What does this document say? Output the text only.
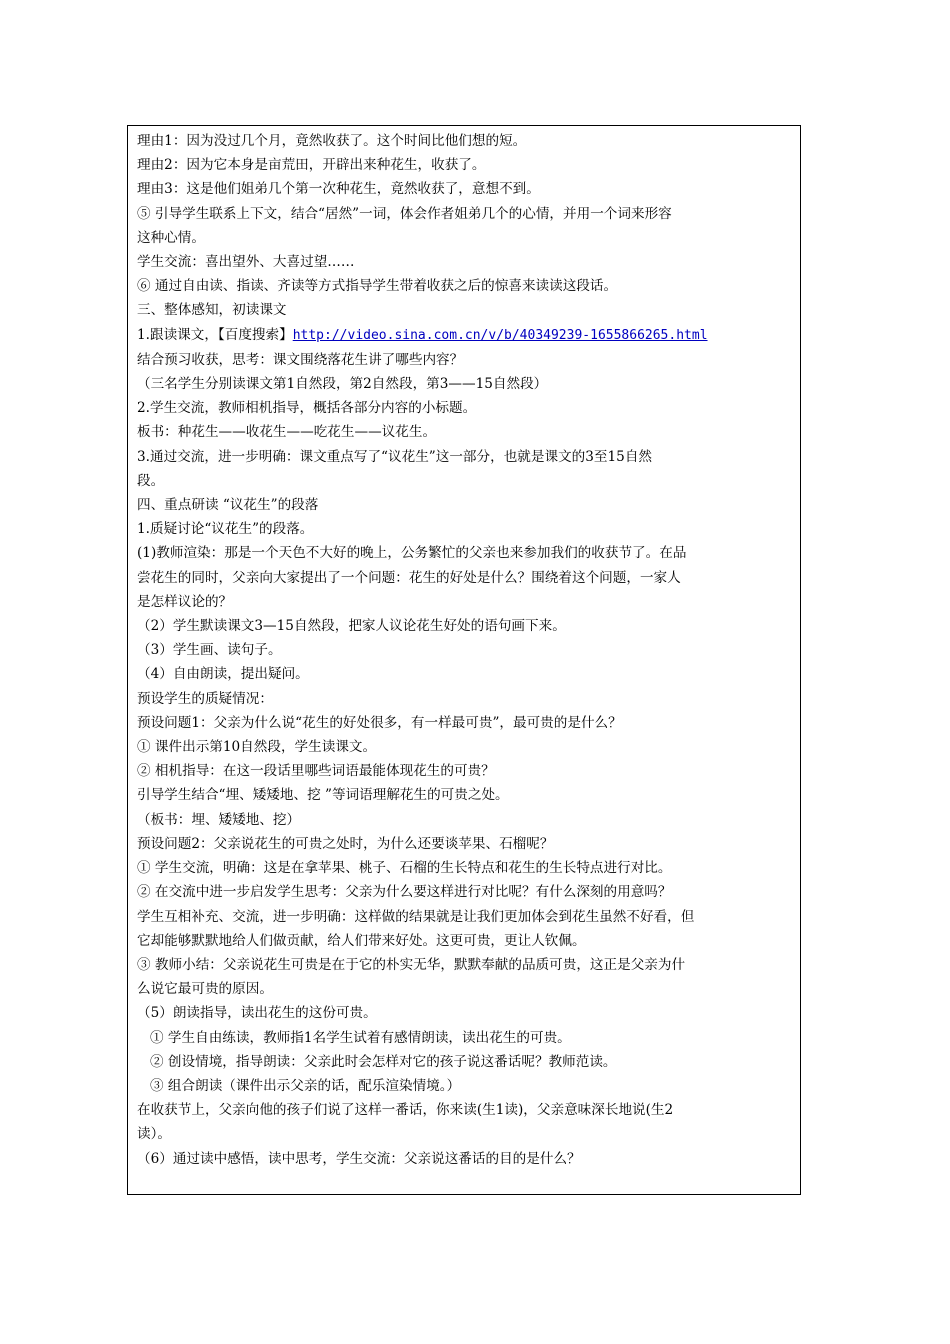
理由1：因为没过几个月，竟然收获了。这个时间比他们想的短。
理由2：因为它本身是亩荒田，开辟出来种花生，收获了。
理由3：这是他们姐弟几个第一次种花生，竟然收获了，意想不到。
⑤ 引导学生联系上下文，结合“居然”一词，体会作者姐弟几个的心情，并用一个词来形容
这种心情。
学生交流：喜出望外、大喜过望……
⑥ 通过自由读、指读、齐读等方式指导学生带着收获之后的惊喜来读读这段话。
三、整体感知，初读课文
1.跟读课文，【百度搜索】http://video.sina.com.cn/v/b/40349239-1655866265.html
结合预习收获，思考：课文围绕落花生讲了哪些内容？
（三名学生分别读课文第1自然段，第2自然段，第3——15自然段）
2.学生交流，教师相机指导，概括各部分内容的小标题。
板书：种花生——收花生——吃花生——议花生。
3.通过交流，进一步明确：课文重点写了“议花生”这一部分，也就是课文的3至15自然
段。
四、重点研读 “议花生”的段落
1.质疑讨论“议花生”的段落。
(1)教师渲染：那是一个天色不大好的晚上，公务繁忙的父亲也来参加我们的收获节了。在品
尝花生的同时，父亲向大家提出了一个问题：花生的好处是什么？围绕着这个问题，一家人
是怎样议论的？
（2）学生默读课文3—15自然段，把家人议论花生好处的语句画下来。
（3）学生画、读句子。
（4）自由朗读，提出疑问。
预设学生的质疑情况：
预设问题1：父亲为什么说“花生的好处很多，有一样最可贵”，最可贵的是什么？
① 课件出示第10自然段，学生读课文。
② 相机指导：在这一段话里哪些词语最能体现花生的可贵？
引导学生结合“埋、矮矮地、挖 ”等词语理解花生的可贵之处。
（板书：埋、矮矮地、挖）
预设问题2：父亲说花生的可贵之处时，为什么还要谈苹果、石榴呢？
① 学生交流，明确：这是在拿苹果、桃子、石榴的生长特点和花生的生长特点进行对比。
② 在交流中进一步启发学生思考：父亲为什么要这样进行对比呢？有什么深刻的用意吗？
学生互相补充、交流，进一步明确：这样做的结果就是让我们更加体会到花生虽然不好看，但
它却能够默默地给人们做贡献，给人们带来好处。这更可贵，更让人钦佩。
③ 教师小结：父亲说花生可贵是在于它的朴实无华，默默奉献的品质可贵，这正是父亲为什
么说它最可贵的原因。
（5）朗读指导，读出花生的这份可贵。
① 学生自由练读，教师指1名学生试着有感情朗读，读出花生的可贵。
② 创设情境，指导朗读：父亲此时会怎样对它的孩子说这番话呢？教师范读。
③ 组合朗读（课件出示父亲的话，配乐渲染情境。）
在收获节上，父亲向他的孩子们说了这样一番话，你来读(生1读)，父亲意味深长地说(生2
读）。
（6）通过读中感悟，读中思考，学生交流：父亲说这番话的目的是什么？
